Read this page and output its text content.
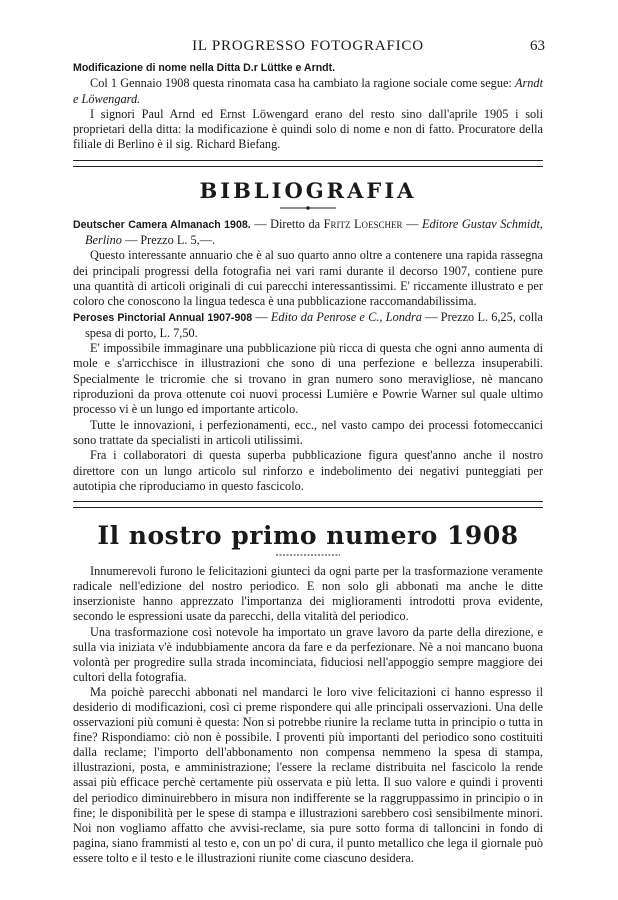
IL PROGRESSO FOTOGRAFICO	63

Modificazione di nome nella Ditta D.r Lüttke e Arndt.

Col 1 Gennaio 1908 questa rinomata casa ha cambiato la ragione sociale come segue: Arndt e Löwengard.

I signori Paul Arnd ed Ernst Löwengard erano del resto sino dall'aprile 1905 i soli proprietari della ditta: la modificazione è quindi solo di nome e non di fatto. Procuratore della filiale di Berlino è il sig. Richard Biefang.

BIBLIOGRAFIA

Deutscher Camera Almanach 1908. — Diretto da Fritz Loescher — Editore Gustav Schmidt, Berlino — Prezzo L. 5,—.

Questo interessante annuario che è al suo quarto anno oltre a contenere una rapida rassegna dei principali progressi della fotografia nei vari rami durante il decorso 1907, contiene pure una quantità di articoli originali di cui parecchi interessantissimi. E' riccamente illustrato e per coloro che conoscono la lingua tedesca è una pubblicazione raccomandabilissima.

Peroses Pinctorial Annual 1907-908 — Edito da Penrose e C., Londra — Prezzo L. 6,25, colla spesa di porto, L. 7,50.

E' impossibile immaginare una pubblicazione più ricca di questa che ogni anno aumenta di mole e s'arricchisce in illustrazioni che sono di una perfezione e bellezza insuperabili. Specialmente le tricromie che si trovano in gran numero sono meravigliose, nè mancano riproduzioni da prova ottenute coi nuovi processi Lumière e Powrie Warner sul quale ultimo processo vi è un lungo ed importante articolo.

Tutte le innovazioni, i perfezionamenti, ecc., nel vasto campo dei processi fotomeccanici sono trattate da specialisti in articoli utilissimi.

Fra i collaboratori di questa superba pubblicazione figura quest'anno anche il nostro direttore con un lungo articolo sul rinforzo e indebolimento dei negativi punteggiati per autotipia che riproduciamo in questo fascicolo.

Il nostro primo numero 1908

Innumerevoli furono le felicitazioni giunteci da ogni parte per la trasformazione veramente radicale nell'edizione del nostro periodico. E non solo gli abbonati ma anche le ditte inserzioniste hanno apprezzato l'importanza dei miglioramenti introdotti prova evidente, secondo le espressioni usate da parecchi, della vitalità del periodico.

Una trasformazione così notevole ha importato un grave lavoro da parte della direzione, e sulla via iniziata v'è indubbiamente ancora da fare e da perfezionare. Nè a noi mancano buona volontà per progredire sulla strada incominciata, fiduciosi nell'appoggio sempre maggiore dei cultori della fotografia.

Ma poichè parecchi abbonati nel mandarci le loro vive felicitazioni ci hanno espresso il desiderio di modificazioni, così ci preme rispondere qui alle principali osservazioni. Una delle osservazioni più comuni è questa: Non si potrebbe riunire la reclame tutta in principio o tutta in fine? Rispondiamo: ciò non è possibile. I proventi più importanti del periodico sono costituiti dalla reclame; l'importo dell'abbonamento non compensa nemmeno la spesa di stampa, illustrazioni, posta, e amministrazione; l'essere la reclame distribuita nel fascicolo la rende assai più efficace perchè certamente più osservata e più letta. Il suo valore e quindi i proventi del periodico diminuirebbero in misura non indifferente se la raggruppassimo in principio o in fine; le disponibilità per le spese di stampa e illustrazioni sarebbero così sensibilmente minori. Noi non vogliamo affatto che avvisi-reclame, sia pure sotto forma di talloncini in fondo di pagina, siano frammisti al testo e, con un po' di cura, il punto metallico che lega il giornale può essere tolto e il testo e le illustrazioni riunite come ciascuno desidera.
